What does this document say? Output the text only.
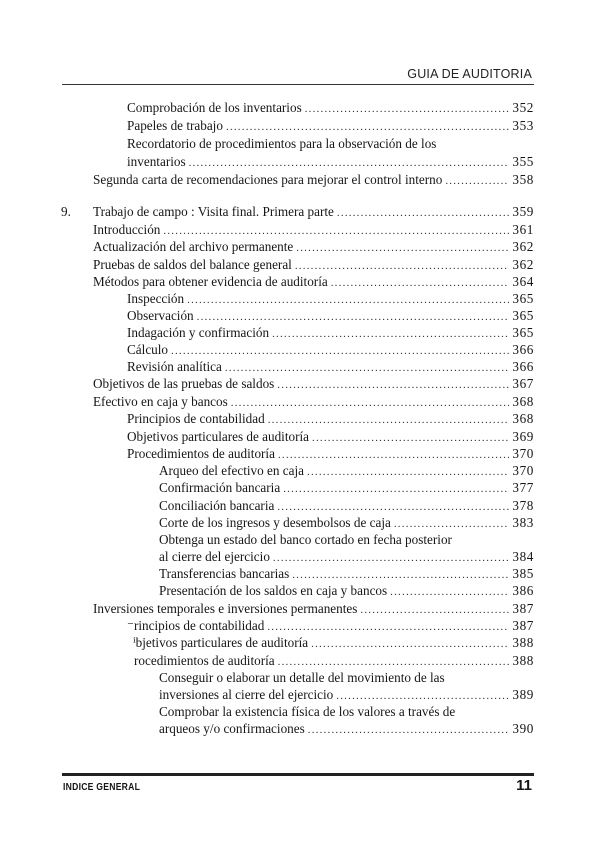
GUIA DE AUDITORIA
Comprobación de los inventarios .....	352
Papeles de trabajo .....	353
Recordatorio de procedimientos para la observación de los
inventarios .....	355
Segunda carta de recomendaciones para mejorar el control interno .....	358
9. Trabajo de campo : Visita final. Primera parte .....	359
Introducción .....	361
Actualización del archivo permanente .....	362
Pruebas de saldos del balance general .....	362
Métodos para obtener evidencia de auditoría .....	364
Inspección .....	365
Observación .....	365
Indagación y confirmación .....	365
Cálculo .....	366
Revisión analítica .....	366
Objetivos de las pruebas de saldos .....	367
Efectivo en caja y bancos .....	368
Principios de contabilidad .....	368
Objetivos particulares de auditoría .....	369
Procedimientos de auditoría .....	370
Arqueo del efectivo en caja .....	370
Confirmación bancaria .....	377
Conciliación bancaria .....	378
Corte de los ingresos y desembolsos de caja .....	383
Obtenga un estado del banco cortado en fecha posterior
al cierre del ejercicio .....	384
Transferencias bancarias .....	385
Presentación de los saldos en caja y bancos .....	386
Inversiones temporales e inversiones permanentes .....	387
⁻rincipios de contabilidad .....	387
ⁱbjetivos particulares de auditoría .....	388
rocedimientos de auditoría .....	388
Conseguir o elaborar un detalle del movimiento de las
inversiones al cierre del ejercicio .....	389
Comprobar la existencia física de los valores a través de
arqueos y/o confirmaciones .....	390
INDICE GENERAL	11
